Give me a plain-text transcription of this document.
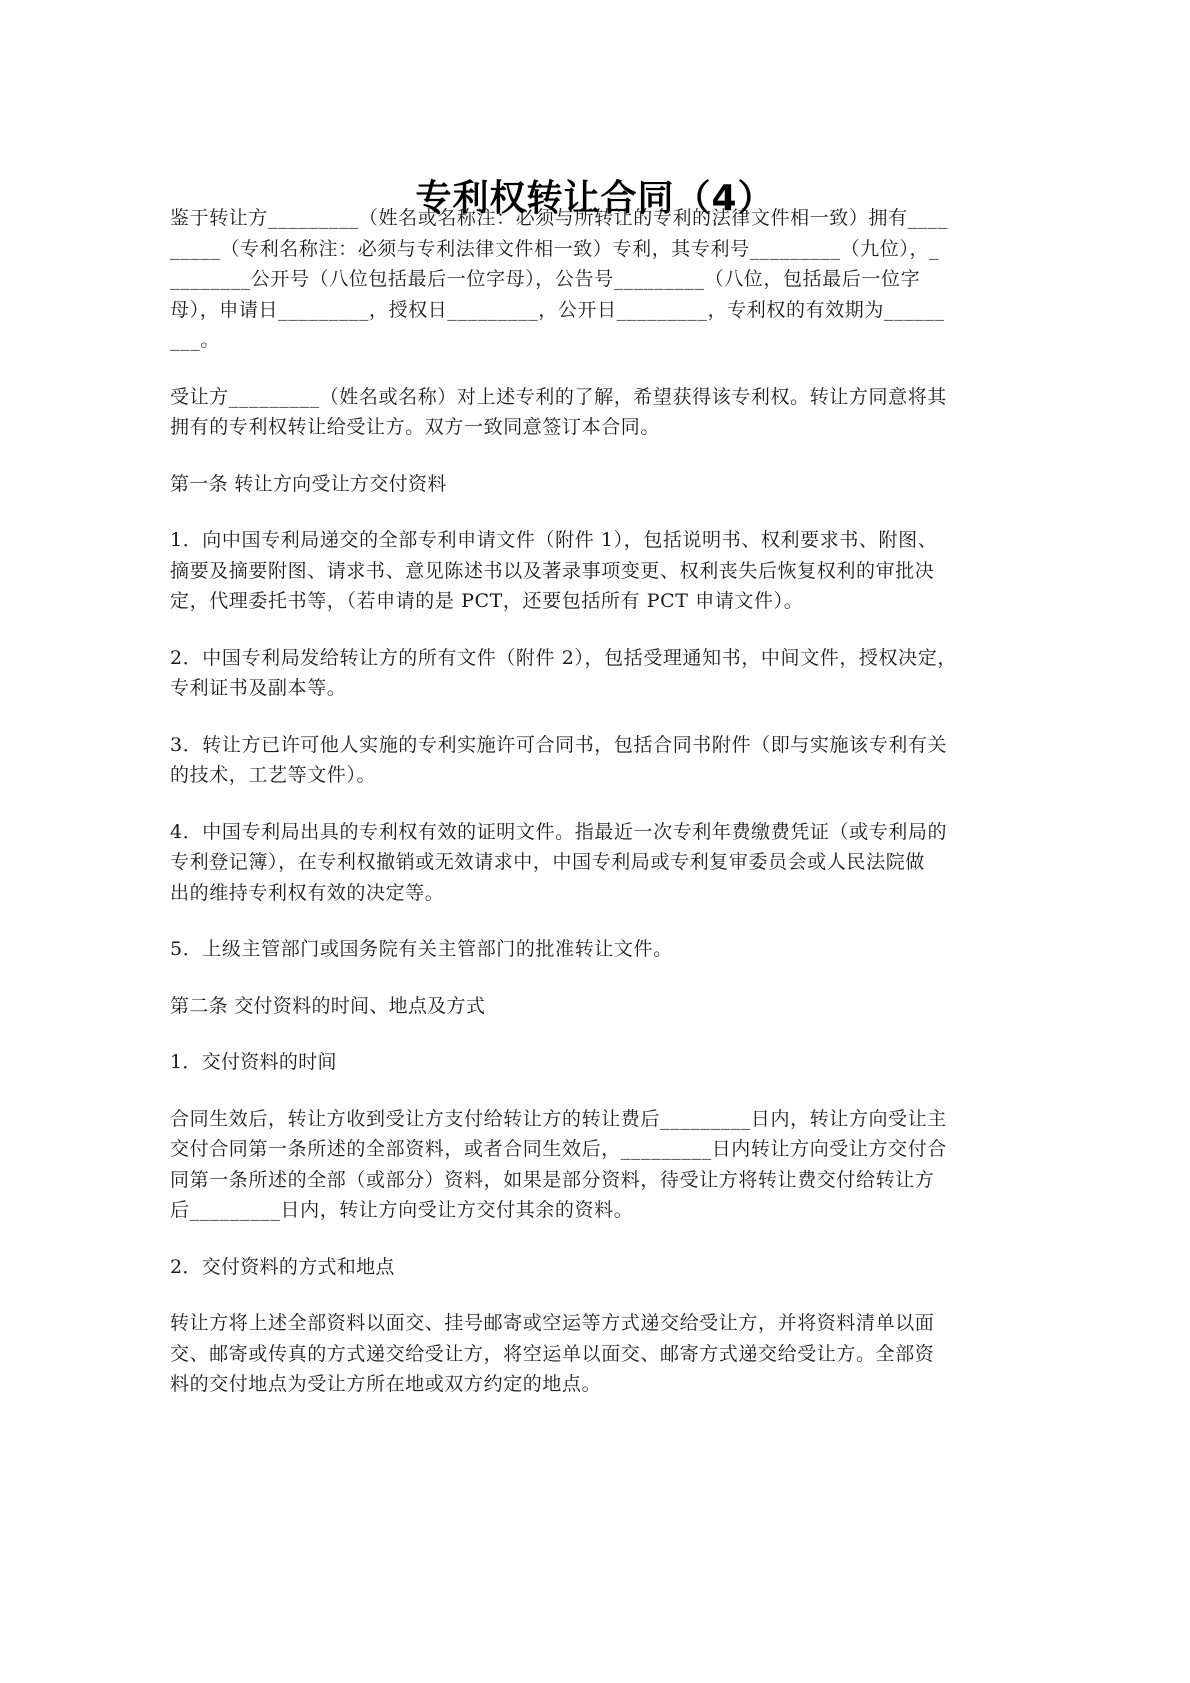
专利权转让合同（4）
鉴于转让方_________（姓名或名称注：必须与所转让的专利的法律文件相一致）拥有____
_____（专利名称注：必须与专利法律文件相一致）专利，其专利号_________（九位），_
________公开号（八位包括最后一位字母），公告号_________（八位，包括最后一位字
母），申请日_________，授权日_________，公开日_________，专利权的有效期为______
___。
受让方_________（姓名或名称）对上述专利的了解，希望获得该专利权。转让方同意将其
拥有的专利权转让给受让方。双方一致同意签订本合同。
第一条 转让方向受让方交付资料
1．向中国专利局递交的全部专利申请文件（附件 1），包括说明书、权利要求书、附图、
摘要及摘要附图、请求书、意见陈述书以及著录事项变更、权利丧失后恢复权利的审批决
定，代理委托书等，（若申请的是 PCT，还要包括所有 PCT 申请文件）。
2．中国专利局发给转让方的所有文件（附件 2），包括受理通知书，中间文件，授权决定，
专利证书及副本等。
3．转让方已许可他人实施的专利实施许可合同书，包括合同书附件（即与实施该专利有关
的技术，工艺等文件）。
4．中国专利局出具的专利权有效的证明文件。指最近一次专利年费缴费凭证（或专利局的
专利登记簿），在专利权撤销或无效请求中，中国专利局或专利复审委员会或人民法院做
出的维持专利权有效的决定等。
5．上级主管部门或国务院有关主管部门的批准转让文件。
第二条 交付资料的时间、地点及方式
1．交付资料的时间
合同生效后，转让方收到受让方支付给转让方的转让费后_________日内，转让方向受让主
交付合同第一条所述的全部资料，或者合同生效后，_________日内转让方向受让方交付合
同第一条所述的全部（或部分）资料，如果是部分资料，待受让方将转让费交付给转让方
后_________日内，转让方向受让方交付其余的资料。
2．交付资料的方式和地点
转让方将上述全部资料以面交、挂号邮寄或空运等方式递交给受让方，并将资料清单以面
交、邮寄或传真的方式递交给受让方，将空运单以面交、邮寄方式递交给受让方。全部资
料的交付地点为受让方所在地或双方约定的地点。
